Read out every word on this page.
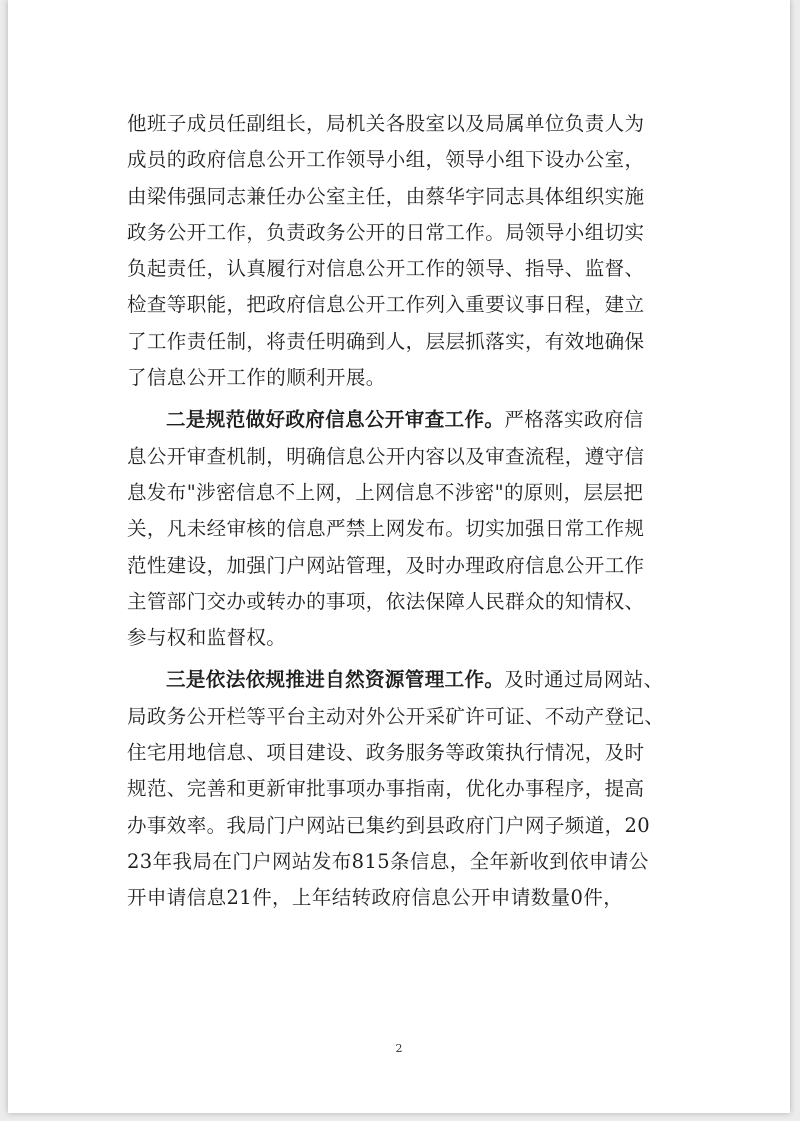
他班子成员任副组长，局机关各股室以及局属单位负责人为
成员的政府信息公开工作领导小组，领导小组下设办公室，
由梁伟强同志兼任办公室主任，由蔡华宇同志具体组织实施
政务公开工作，负责政务公开的日常工作。局领导小组切实
负起责任，认真履行对信息公开工作的领导、指导、监督、
检查等职能，把政府信息公开工作列入重要议事日程，建立
了工作责任制，将责任明确到人，层层抓落实，有效地确保
了信息公开工作的顺利开展。
二是规范做好政府信息公开审查工作。严格落实政府信
息公开审查机制，明确信息公开内容以及审查流程，遵守信
息发布"涉密信息不上网，上网信息不涉密"的原则，层层把
关，凡未经审核的信息严禁上网发布。切实加强日常工作规
范性建设，加强门户网站管理，及时办理政府信息公开工作
主管部门交办或转办的事项，依法保障人民群众的知情权、
参与权和监督权。
三是依法依规推进自然资源管理工作。及时通过局网站、
局政务公开栏等平台主动对外公开采矿许可证、不动产登记、
住宅用地信息、项目建设、政务服务等政策执行情况，及时
规范、完善和更新审批事项办事指南，优化办事程序，提高
办事效率。我局门户网站已集约到县政府门户网子频道，20
23年我局在门户网站发布815条信息，全年新收到依申请公
开申请信息21件，上年结转政府信息公开申请数量0件，
2
